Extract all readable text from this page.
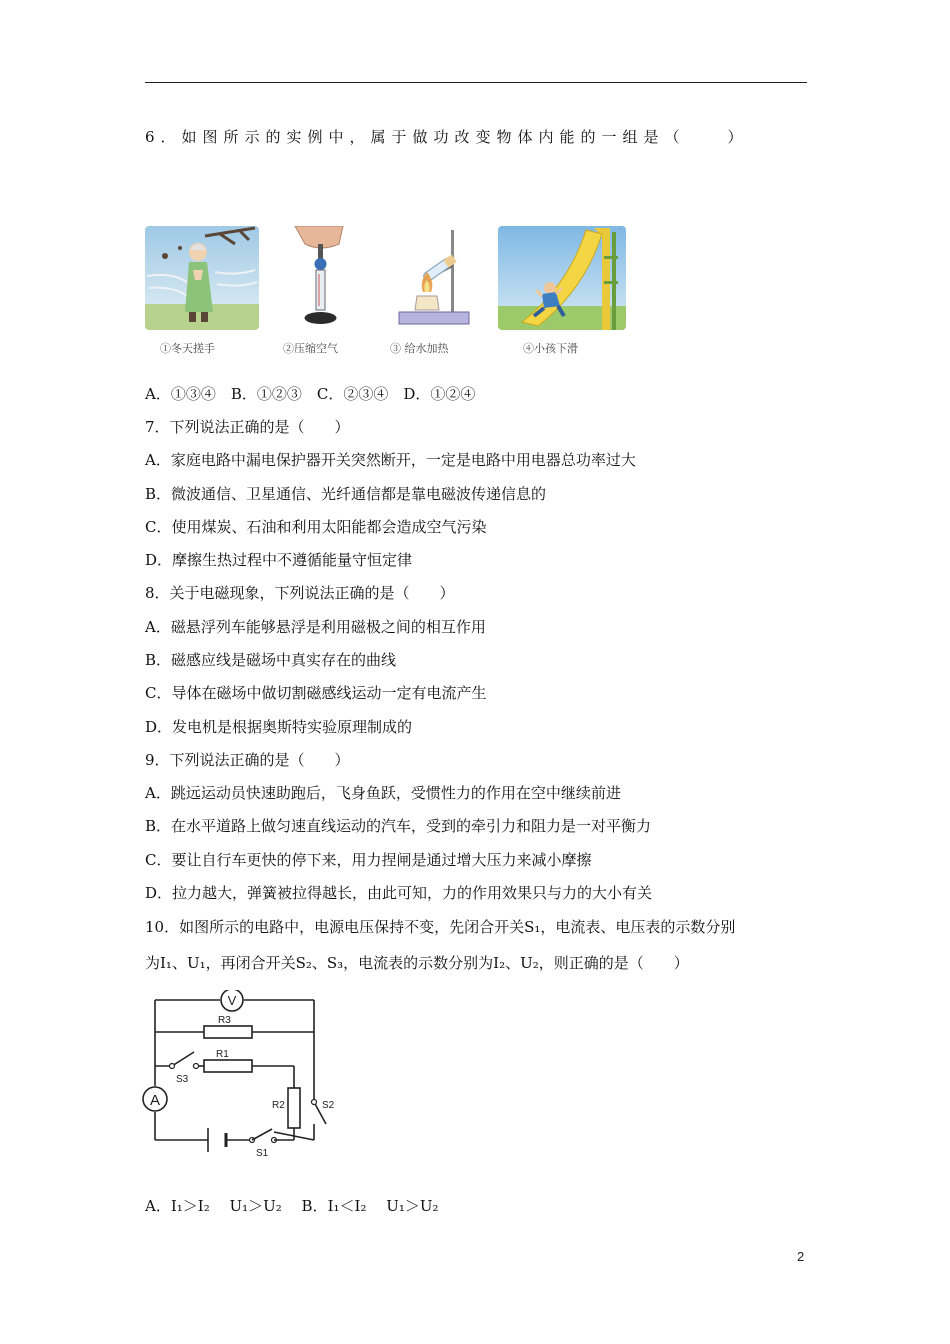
6．如图所示的实例中，属于做功改变物体内能的一组是（　　）
①冬天搓手	②压缩空气	③ 给水加热	④小孩下滑
A．①③④　B．①②③　C．②③④　D．①②④
7．下列说法正确的是（　　）
A．家庭电路中漏电保护器开关突然断开，一定是电路中用电器总功率过大
B．微波通信、卫星通信、光纤通信都是靠电磁波传递信息的
C．使用煤炭、石油和利用太阳能都会造成空气污染
D．摩擦生热过程中不遵循能量守恒定律
8．关于电磁现象，下列说法正确的是（　　）
A．磁悬浮列车能够悬浮是利用磁极之间的相互作用
B．磁感应线是磁场中真实存在的曲线
C．导体在磁场中做切割磁感线运动一定有电流产生
D．发电机是根据奥斯特实验原理制成的
9．下列说法正确的是（　　）
A．跳远运动员快速助跑后，飞身鱼跃，受惯性力的作用在空中继续前进
B．在水平道路上做匀速直线运动的汽车，受到的牵引力和阻力是一对平衡力
C．要让自行车更快的停下来，用力捏闸是通过增大压力来减小摩擦
D．拉力越大，弹簧被拉得越长，由此可知，力的作用效果只与力的大小有关
10．如图所示的电路中，电源电压保持不变，先闭合开关S₁，电流表、电压表的示数分别
为I₁、U₁，再闭合开关S₂、S₃，电流表的示数分别为I₂、U₂，则正确的是（　　）
V
A
R3
R1
R2
S3
S2
S1
A．I₁＞I₂　 U₁＞U₂　 B．I₁＜I₂　 U₁＞U₂
2
